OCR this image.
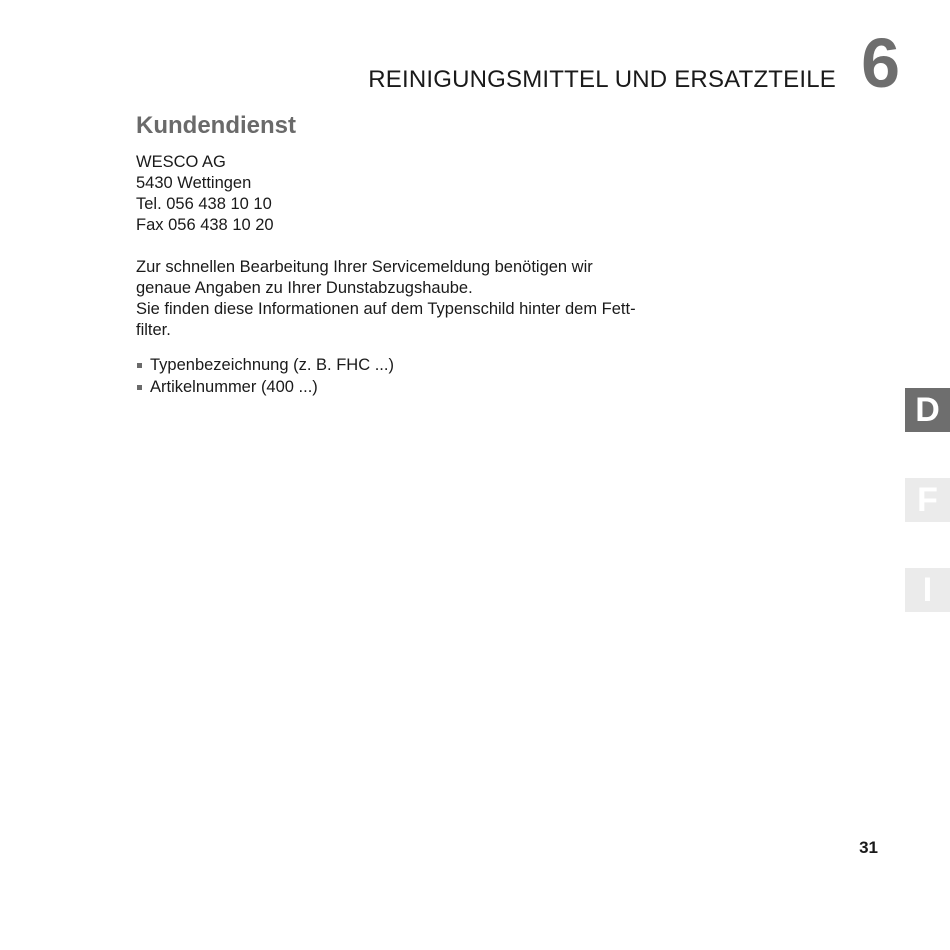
REINIGUNGSMITTEL UND ERSATZTEILE 6
Kundendienst
WESCO AG
5430 Wettingen
Tel. 056 438 10 10
Fax 056 438 10 20
Zur schnellen Bearbeitung Ihrer Servicemeldung benötigen wir
genaue Angaben zu Ihrer Dunstabzugshaube.
Sie finden diese Informationen auf dem Typenschild hinter dem Fett-
filter.
Typenbezeichnung (z. B. FHC ...)
Artikelnummer (400 ...)
D
F
I
31
